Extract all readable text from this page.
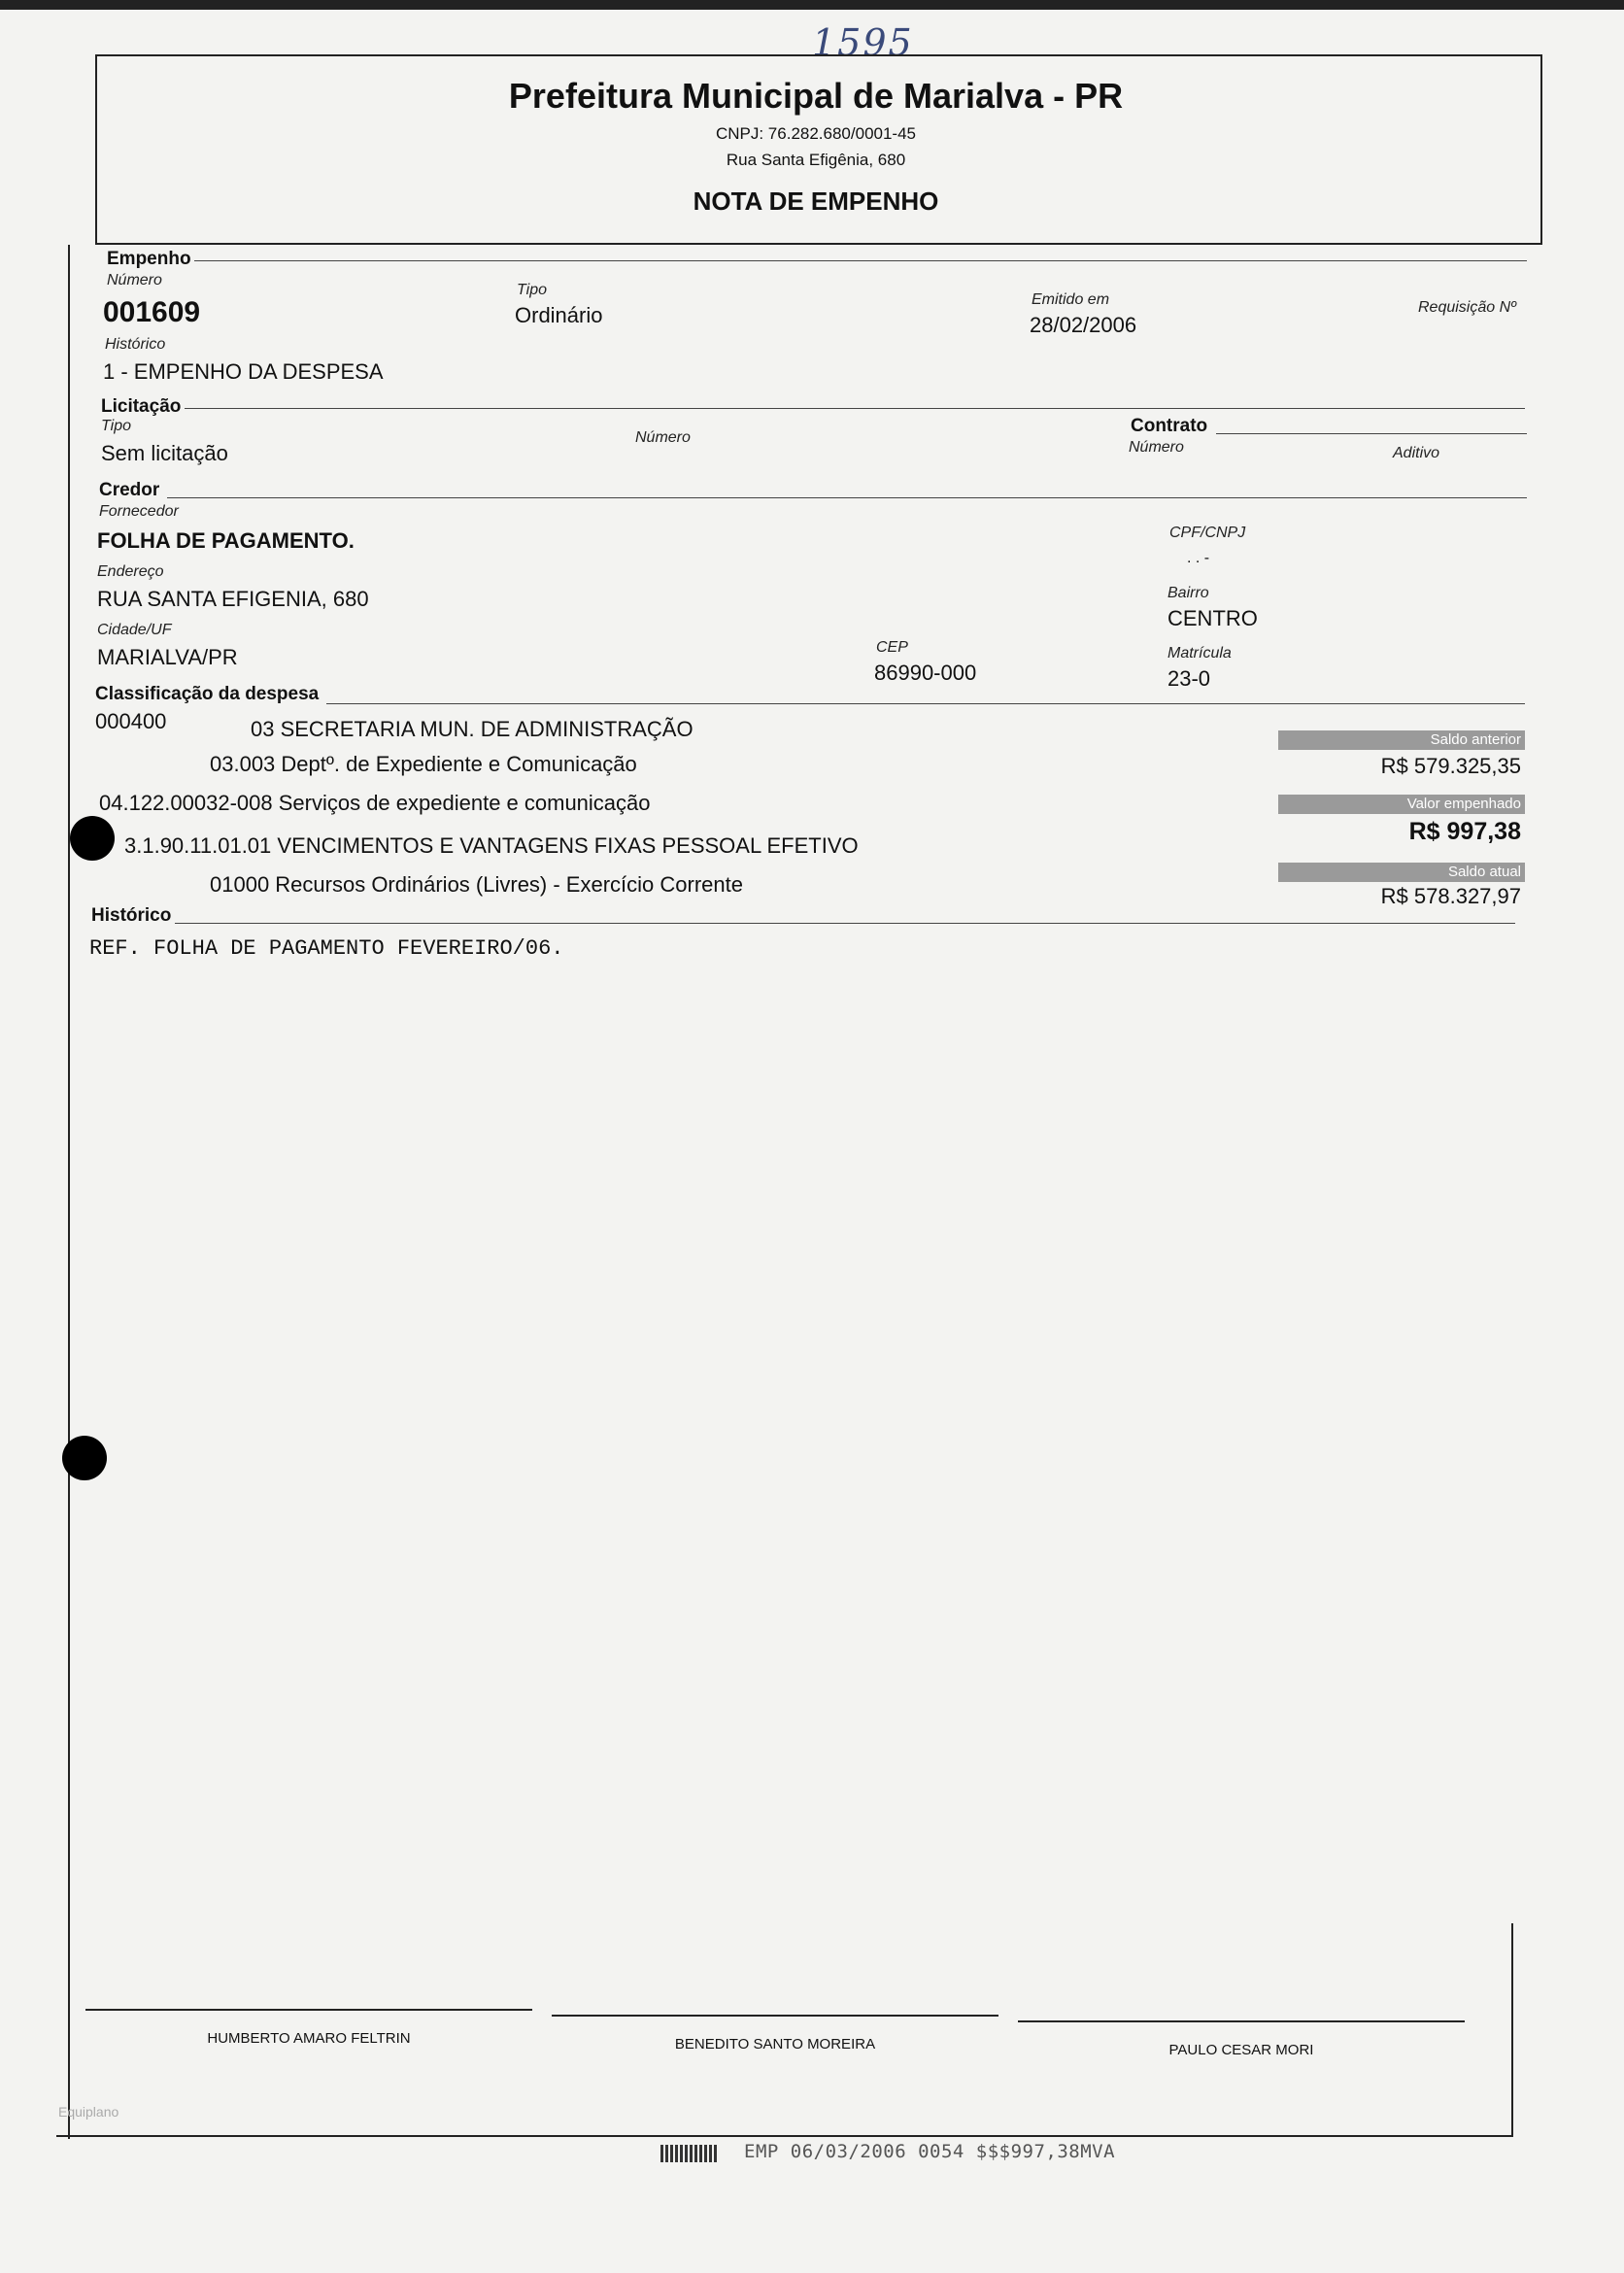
1595
Prefeitura Municipal de Marialva - PR
CNPJ: 76.282.680/0001-45
Rua Santa Efigênia, 680
NOTA DE EMPENHO
Empenho
Número
001609
Tipo
Ordinário
Emitido em
28/02/2006
Requisição Nº
Histórico
1 - EMPENHO DA DESPESA
Licitação
Tipo
Sem licitação
Número
Contrato
Número	Aditivo
Credor
Fornecedor
FOLHA DE PAGAMENTO.	CPF/CNPJ
. . -
Endereço
RUA SANTA EFIGENIA, 680	Bairro
CENTRO
Cidade/UF
MARIALVA/PR	CEP
86990-000
Matrícula
23-0
Classificação da despesa
000400	03 SECRETARIA MUN. DE ADMINISTRAÇÃO
03.003 Deptº. de Expediente e Comunicação
04.122.00032-008 Serviços de expediente e comunicação
3.1.90.11.01.01 VENCIMENTOS E VANTAGENS FIXAS PESSOAL EFETIVO
01000 Recursos Ordinários (Livres) - Exercício Corrente
Saldo anterior
R$ 579.325,35
Valor empenhado
R$ 997,38
Saldo atual
R$ 578.327,97
Histórico
REF. FOLHA DE PAGAMENTO FEVEREIRO/06.
HUMBERTO AMARO FELTRIN	BENEDITO SANTO MOREIRA	PAULO CESAR MORI
Equiplano
EMP 06/03/2006 0054 $$$997,38MVA
